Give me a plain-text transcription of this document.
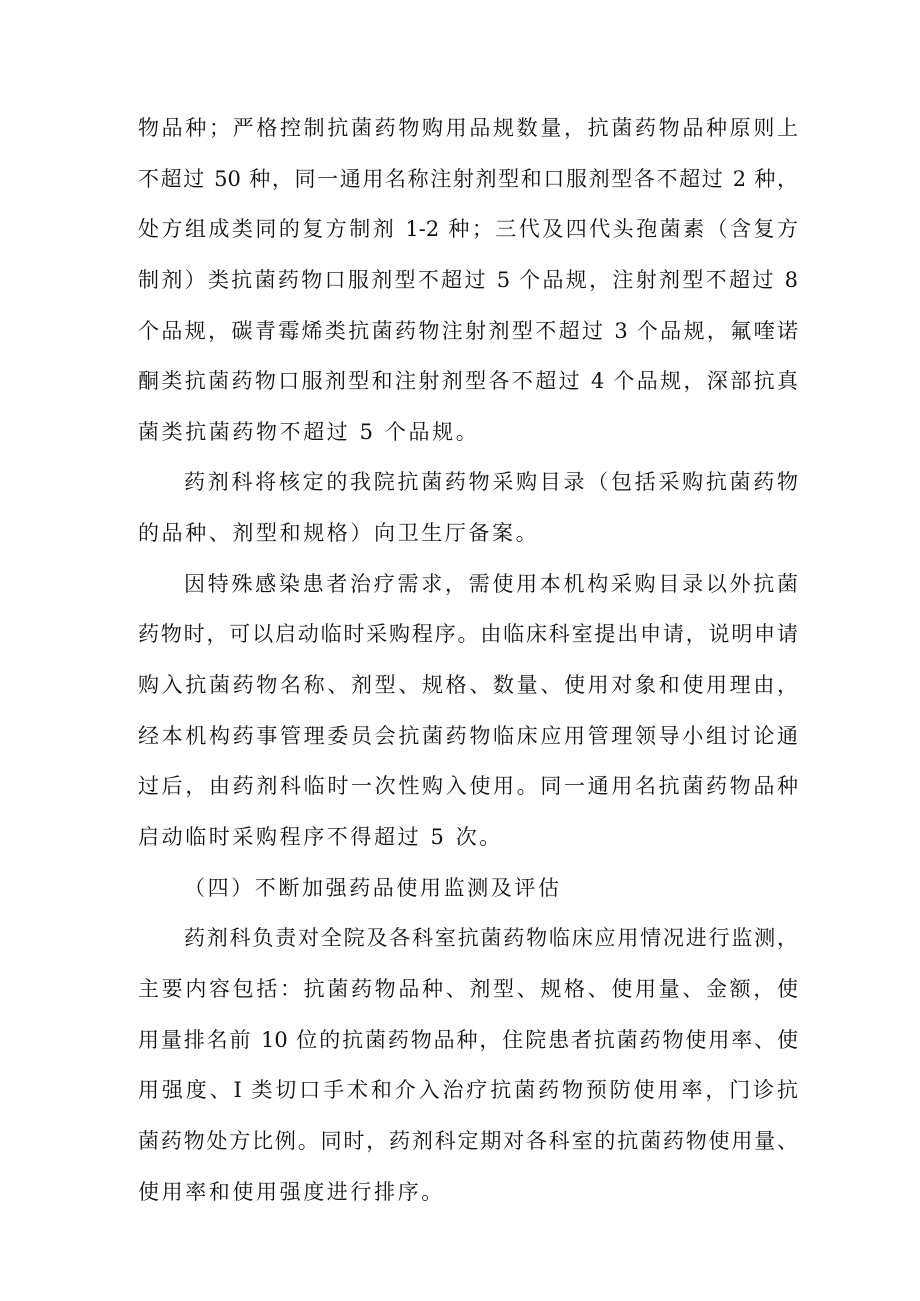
物品种；严格控制抗菌药物购用品规数量，抗菌药物品种原则上
不超过 50 种，同一通用名称注射剂型和口服剂型各不超过 2 种，
处方组成类同的复方制剂 1-2 种；三代及四代头孢菌素（含复方
制剂）类抗菌药物口服剂型不超过 5 个品规，注射剂型不超过 8
个品规，碳青霉烯类抗菌药物注射剂型不超过 3 个品规，氟喹诺
酮类抗菌药物口服剂型和注射剂型各不超过 4 个品规，深部抗真
菌类抗菌药物不超过 5 个品规。
药剂科将核定的我院抗菌药物采购目录（包括采购抗菌药物
的品种、剂型和规格）向卫生厅备案。
因特殊感染患者治疗需求，需使用本机构采购目录以外抗菌
药物时，可以启动临时采购程序。由临床科室提出申请，说明申请
购入抗菌药物名称、剂型、规格、数量、使用对象和使用理由，
经本机构药事管理委员会抗菌药物临床应用管理领导小组讨论通
过后，由药剂科临时一次性购入使用。同一通用名抗菌药物品种
启动临时采购程序不得超过 5 次。
（四）不断加强药品使用监测及评估
药剂科负责对全院及各科室抗菌药物临床应用情况进行监测，
主要内容包括：抗菌药物品种、剂型、规格、使用量、金额，使
用量排名前 10 位的抗菌药物品种，住院患者抗菌药物使用率、使
用强度、I 类切口手术和介入治疗抗菌药物预防使用率，门诊抗
菌药物处方比例。同时，药剂科定期对各科室的抗菌药物使用量、
使用率和使用强度进行排序。
